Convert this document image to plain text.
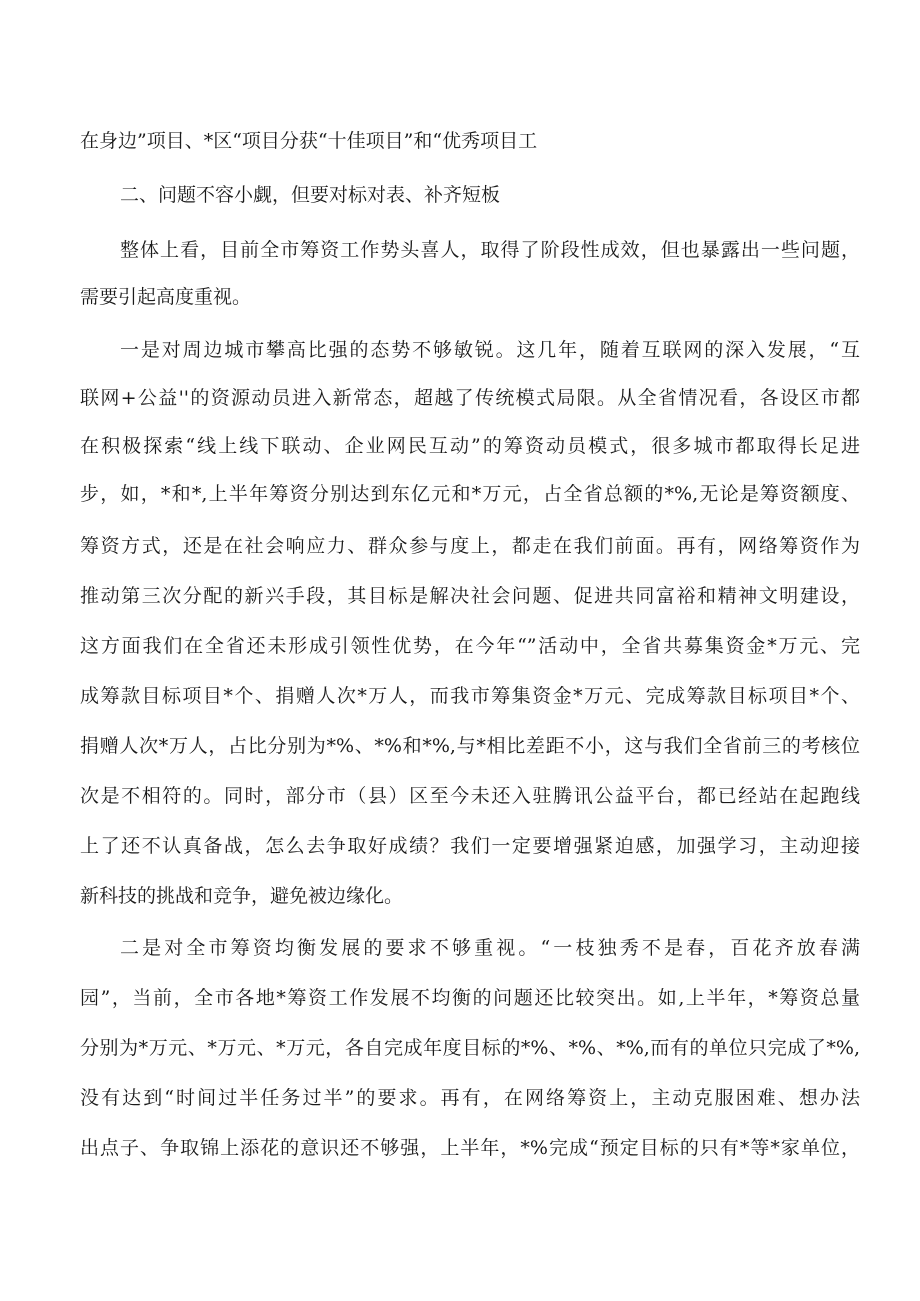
在身边”项目、*区“项目分获“十佳项目”和“优秀项目工
二、问题不容小觑，但要对标对表、补齐短板
整体上看，目前全市筹资工作势头喜人，取得了阶段性成效，但也暴露出一些问题，
需要引起高度重视。
一是对周边城市攀高比强的态势不够敏锐。这几年，随着互联网的深入发展，“互
联网+公益''的资源动员进入新常态，超越了传统模式局限。从全省情况看，各设区市都
在积极探索“线上线下联动、企业网民互动”的筹资动员模式，很多城市都取得长足进
步，如，*和*,上半年筹资分别达到东亿元和*万元，占全省总额的*%,无论是筹资额度、
筹资方式，还是在社会响应力、群众参与度上，都走在我们前面。再有，网络筹资作为
推动第三次分配的新兴手段，其目标是解决社会问题、促进共同富裕和精神文明建设，
这方面我们在全省还未形成引领性优势，在今年“”活动中，全省共募集资金*万元、完
成筹款目标项目*个、捐赠人次*万人，而我市筹集资金*万元、完成筹款目标项目*个、
捐赠人次*万人，占比分别为*%、*%和*%,与*相比差距不小，这与我们全省前三的考核位
次是不相符的。同时，部分市（县）区至今未还入驻腾讯公益平台，都已经站在起跑线
上了还不认真备战，怎么去争取好成绩？我们一定要增强紧迫感，加强学习，主动迎接
新科技的挑战和竞争，避免被边缘化。
二是对全市筹资均衡发展的要求不够重视。“一枝独秀不是春，百花齐放春满
园”，当前，全市各地*筹资工作发展不均衡的问题还比较突出。如,上半年，*筹资总量
分别为*万元、*万元、*万元，各自完成年度目标的*%、*%、*%,而有的单位只完成了*%,
没有达到“时间过半任务过半”的要求。再有，在网络筹资上，主动克服困难、想办法
出点子、争取锦上添花的意识还不够强，上半年，*%完成“预定目标的只有*等*家单位，
